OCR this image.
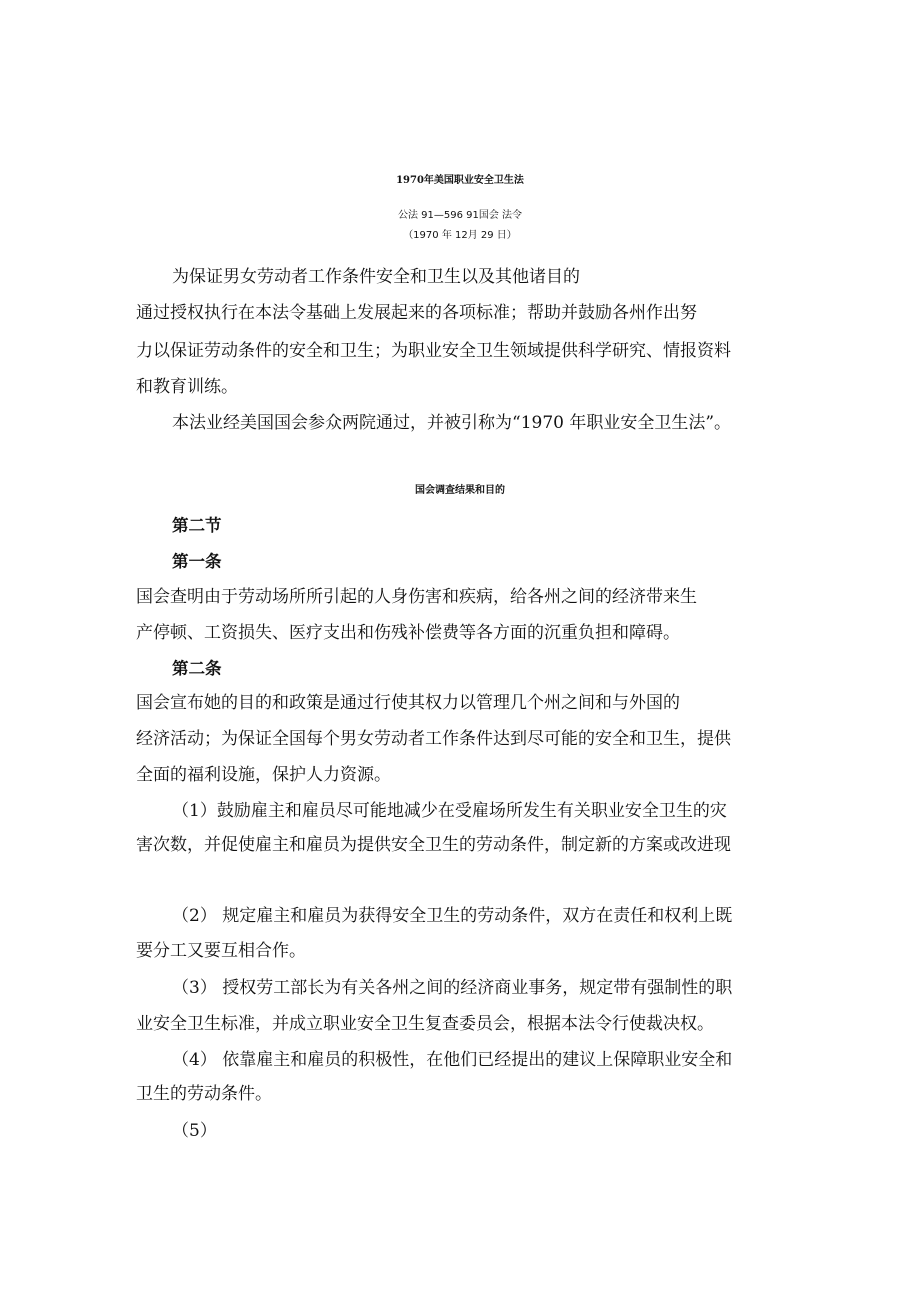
1970年美国职业安全卫生法
公法 91—596 91国会 法令
（1970 年 12月 29 日）
为保证男女劳动者工作条件安全和卫生以及其他诸目的
通过授权执行在本法令基础上发展起来的各项标准；帮助并鼓励各州作出努
力以保证劳动条件的安全和卫生；为职业安全卫生领域提供科学研究、情报资料
和教育训练。
本法业经美国国会参众两院通过，并被引称为“1970 年职业安全卫生法”。
国会调查结果和目的
第二节
第一条
国会查明由于劳动场所所引起的人身伤害和疾病，给各州之间的经济带来生
产停顿、工资损失、医疗支出和伤残补偿费等各方面的沉重负担和障碍。
第二条
国会宣布她的目的和政策是通过行使其权力以管理几个州之间和与外国的
经济活动；为保证全国每个男女劳动者工作条件达到尽可能的安全和卫生，提供
全面的福利设施，保护人力资源。
（1）鼓励雇主和雇员尽可能地减少在受雇场所发生有关职业安全卫生的灾
害次数，并促使雇主和雇员为提供安全卫生的劳动条件，制定新的方案或改进现
（2） 规定雇主和雇员为获得安全卫生的劳动条件，双方在责任和权利上既
要分工又要互相合作。
（3） 授权劳工部长为有关各州之间的经济商业事务，规定带有强制性的职
业安全卫生标准，并成立职业安全卫生复查委员会，根据本法令行使裁决权。
（4） 依靠雇主和雇员的积极性，在他们已经提出的建议上保障职业安全和
卫生的劳动条件。
（5）
